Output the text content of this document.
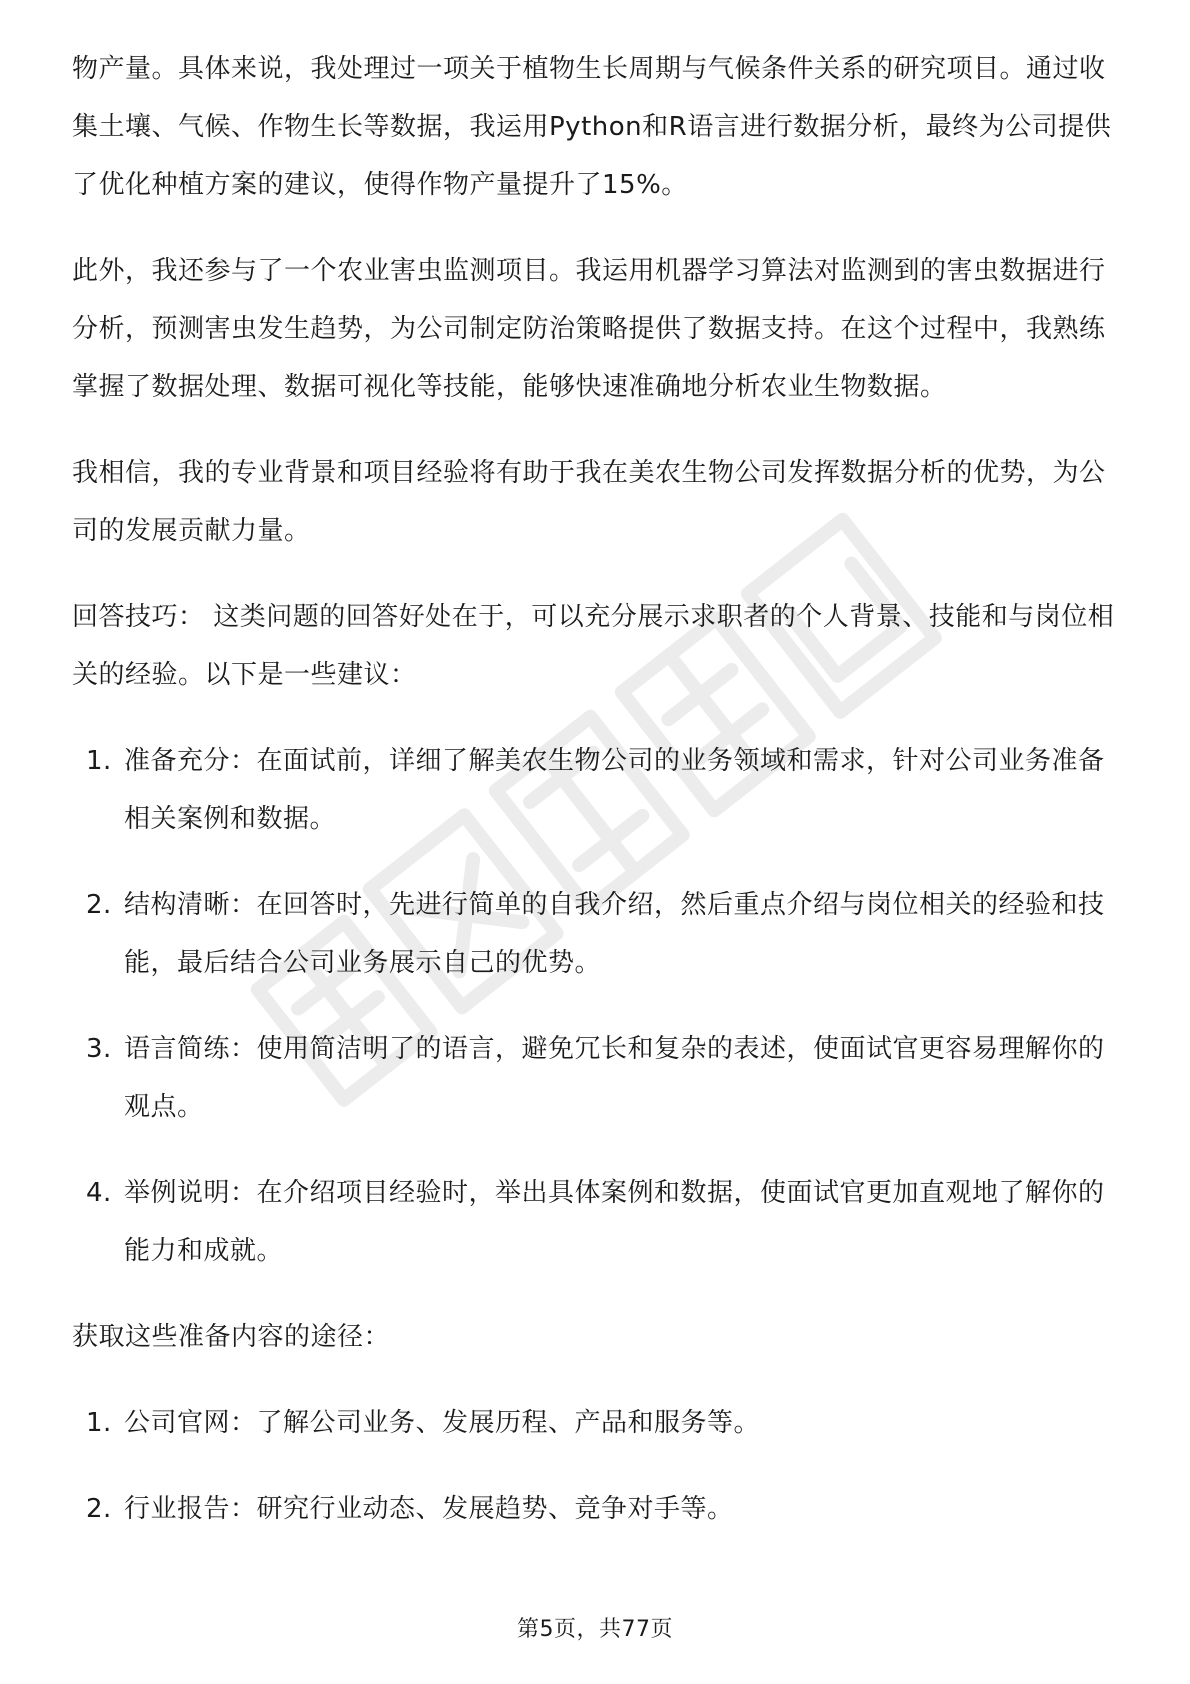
物产量。具体来说，我处理过一项关于植物生长周期与气候条件关系的研究项目。通过收集土壤、气候、作物生长等数据，我运用Python和R语言进行数据分析，最终为公司提供了优化种植方案的建议，使得作物产量提升了15%。

此外，我还参与了一个农业害虫监测项目。我运用机器学习算法对监测到的害虫数据进行分析，预测害虫发生趋势，为公司制定防治策略提供了数据支持。在这个过程中，我熟练掌握了数据处理、数据可视化等技能，能够快速准确地分析农业生物数据。

我相信，我的专业背景和项目经验将有助于我在美农生物公司发挥数据分析的优势，为公司的发展贡献力量。

回答技巧： 这类问题的回答好处在于，可以充分展示求职者的个人背景、技能和与岗位相关的经验。以下是一些建议：

1. 准备充分：在面试前，详细了解美农生物公司的业务领域和需求，针对公司业务准备相关案例和数据。
2. 结构清晰：在回答时，先进行简单的自我介绍，然后重点介绍与岗位相关的经验和技能，最后结合公司业务展示自己的优势。
3. 语言简练：使用简洁明了的语言，避免冗长和复杂的表述，使面试官更容易理解你的观点。
4. 举例说明：在介绍项目经验时，举出具体案例和数据，使面试官更加直观地了解你的能力和成就。

获取这些准备内容的途径：

1. 公司官网：了解公司业务、发展历程、产品和服务等。
2. 行业报告：研究行业动态、发展趋势、竞争对手等。
第5页，共77页
